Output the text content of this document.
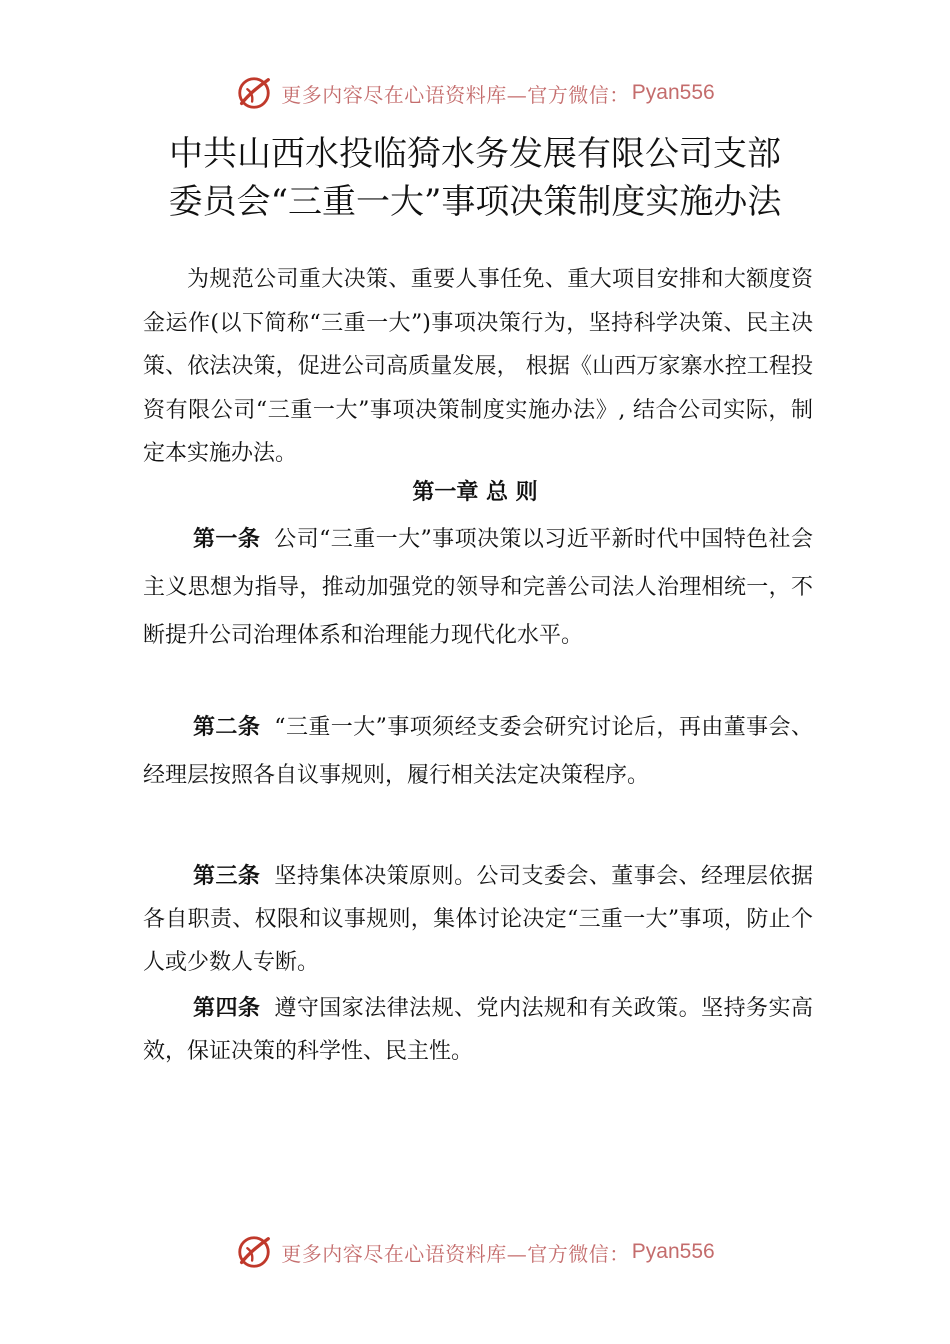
更多内容尽在心语资料库—官方微信： Pyan556
中共山西水投临猗水务发展有限公司支部
委员会“三重一大”事项决策制度实施办法

为规范公司重大决策、重要人事任免、重大项目安排和大额度资金运作(以下简称“三重一大”)事项决策行为，坚持科学决策、民主决策、依法决策，促进公司高质量发展， 根据《山西万家寨水控工程投资有限公司“三重一大”事项决策制度实施办法》, 结合公司实际，制定本实施办法。

第一章 总 则

第一条 公司“三重一大”事项决策以习近平新时代中国特色社会主义思想为指导，推动加强党的领导和完善公司法人治理相统一，不断提升公司治理体系和治理能力现代化水平。

第二条 “三重一大”事项须经支委会研究讨论后，再由董事会、经理层按照各自议事规则，履行相关法定决策程序。

第三条 坚持集体决策原则。公司支委会、董事会、经理层依据各自职责、权限和议事规则，集体讨论决定“三重一大”事项，防止个人或少数人专断。

第四条 遵守国家法律法规、党内法规和有关政策。坚持务实高效，保证决策的科学性、民主性。

更多内容尽在心语资料库—官方微信： Pyan556
